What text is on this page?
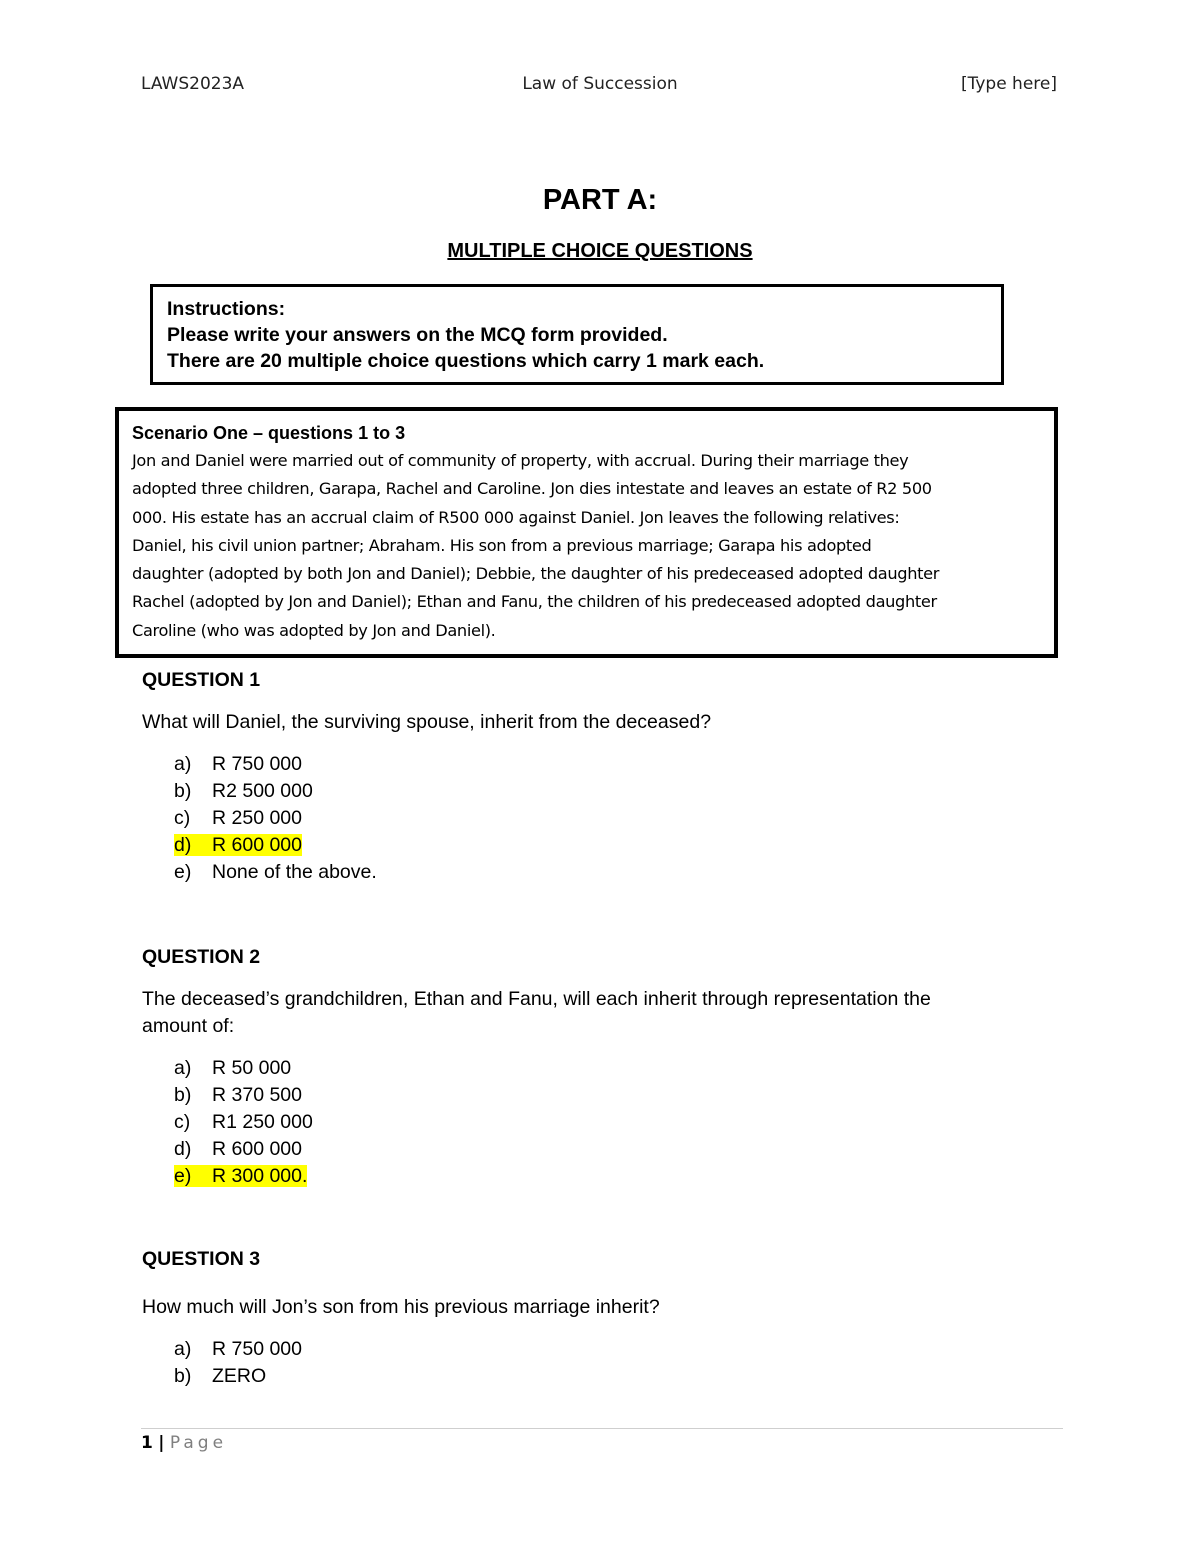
LAWS2023A	Law of Succession	[Type here]
PART A:
MULTIPLE CHOICE QUESTIONS
Instructions:
Please write your answers on the MCQ form provided.
There are 20 multiple choice questions which carry 1 mark each.
Scenario One – questions 1 to 3
Jon and Daniel were married out of community of property, with accrual. During their marriage they
adopted three children, Garapa, Rachel and Caroline. Jon dies intestate and leaves an estate of R2 500
000. His estate has an accrual claim of R500 000 against Daniel. Jon leaves the following relatives:
Daniel, his civil union partner; Abraham. His son from a previous marriage; Garapa his adopted
daughter (adopted by both Jon and Daniel); Debbie, the daughter of his predeceased adopted daughter
Rachel (adopted by Jon and Daniel); Ethan and Fanu, the children of his predeceased adopted daughter
Caroline (who was adopted by Jon and Daniel).
QUESTION 1
What will Daniel, the surviving spouse, inherit from the deceased?
a) R 750 000
b) R2 500 000
c) R 250 000
d) R 600 000
e) None of the above.
QUESTION 2
The deceased’s grandchildren, Ethan and Fanu, will each inherit through representation the
amount of:
a) R 50 000
b) R 370 500
c) R1 250 000
d) R 600 000
e) R 300 000.
QUESTION 3
How much will Jon’s son from his previous marriage inherit?
a) R 750 000
b) ZERO
1 | Page
